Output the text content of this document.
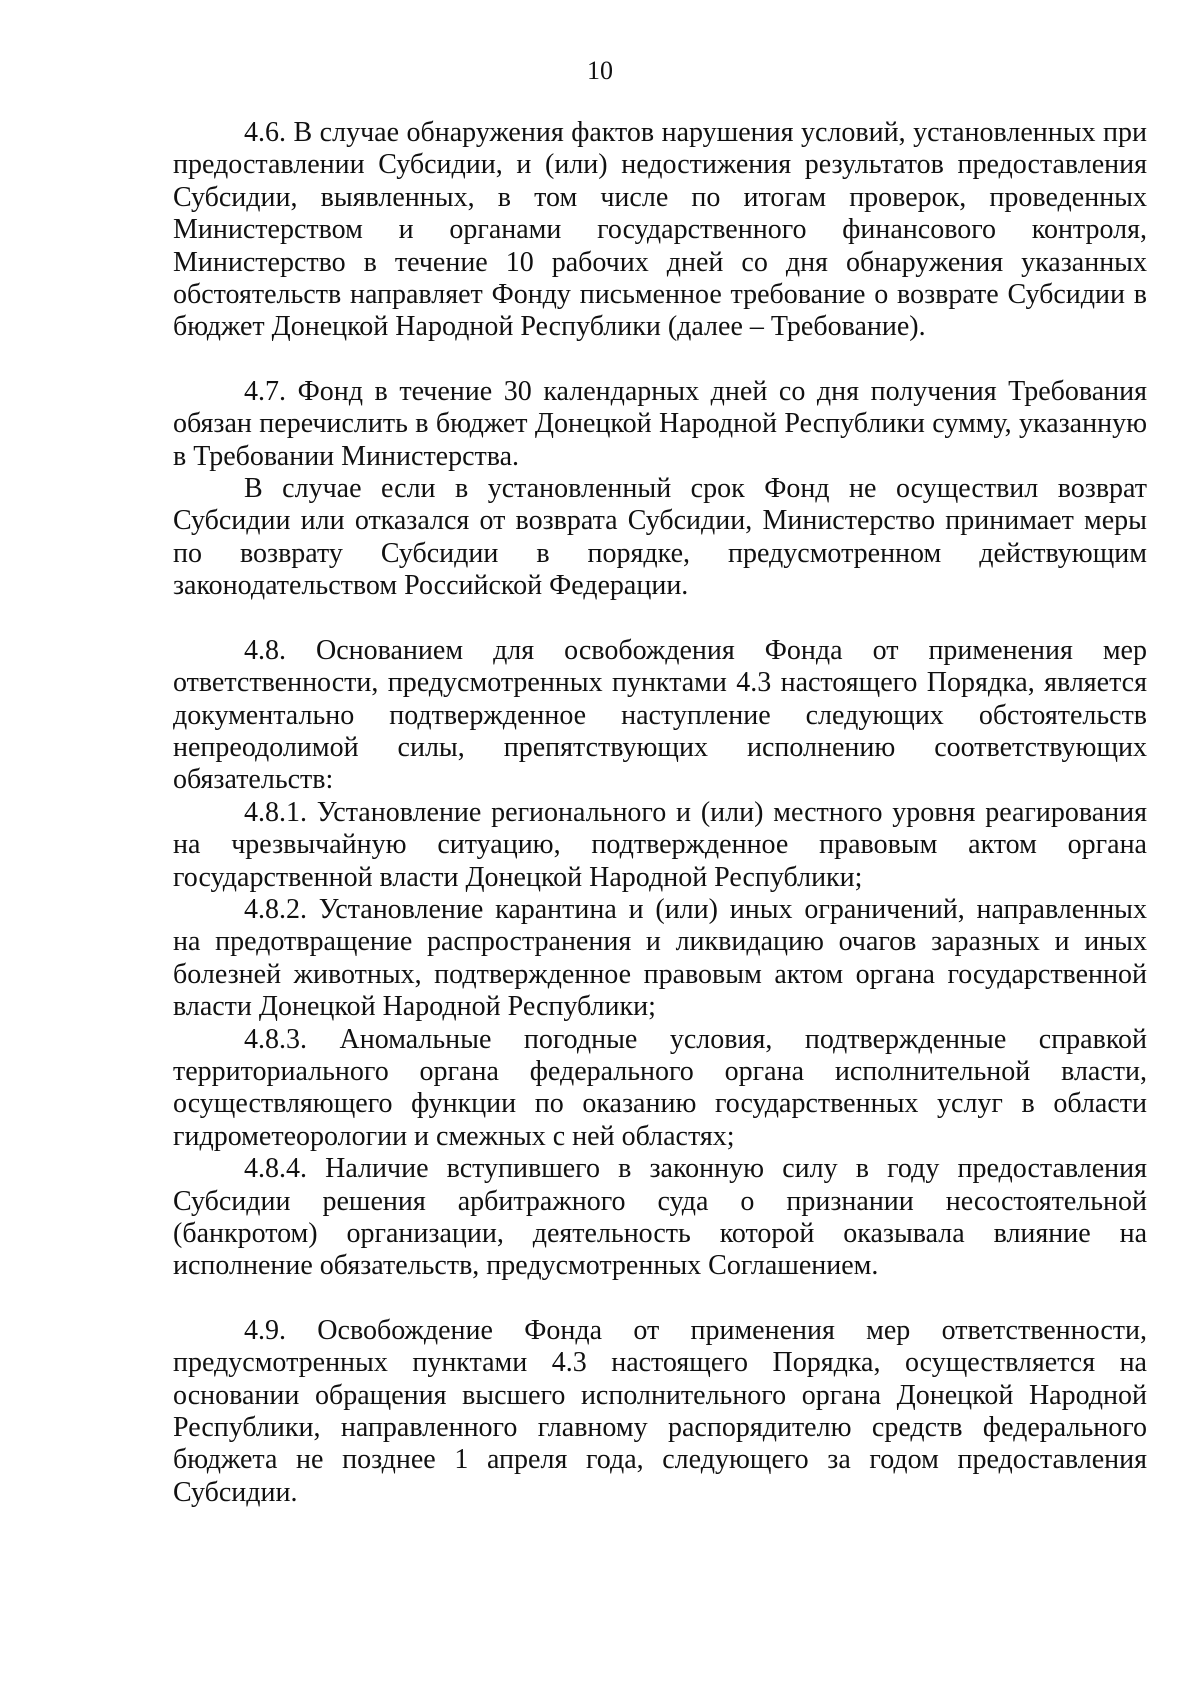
10

4.6. В случае обнаружения фактов нарушения условий, установленных при предоставлении Субсидии, и (или) недостижения результатов предоставления Субсидии, выявленных, в том числе по итогам проверок, проведенных Министерством и органами государственного финансового контроля, Министерство в течение 10 рабочих дней со дня обнаружения указанных обстоятельств направляет Фонду письменное требование о возврате Субсидии в бюджет Донецкой Народной Республики (далее – Требование).

4.7. Фонд в течение 30 календарных дней со дня получения Требования обязан перечислить в бюджет Донецкой Народной Республики сумму, указанную в Требовании Министерства.

В случае если в установленный срок Фонд не осуществил возврат Субсидии или отказался от возврата Субсидии, Министерство принимает меры по возврату Субсидии в порядке, предусмотренном действующим законодательством Российской Федерации.

4.8. Основанием для освобождения Фонда от применения мер ответственности, предусмотренных пунктами 4.3 настоящего Порядка, является документально подтвержденное наступление следующих обстоятельств непреодолимой силы, препятствующих исполнению соответствующих обязательств:

4.8.1. Установление регионального и (или) местного уровня реагирования на чрезвычайную ситуацию, подтвержденное правовым актом органа государственной власти Донецкой Народной Республики;

4.8.2. Установление карантина и (или) иных ограничений, направленных на предотвращение распространения и ликвидацию очагов заразных и иных болезней животных, подтвержденное правовым актом органа государственной власти Донецкой Народной Республики;

4.8.3. Аномальные погодные условия, подтвержденные справкой территориального органа федерального органа исполнительной власти, осуществляющего функции по оказанию государственных услуг в области гидрометеорологии и смежных с ней областях;

4.8.4. Наличие вступившего в законную силу в году предоставления Субсидии решения арбитражного суда о признании несостоятельной (банкротом) организации, деятельность которой оказывала влияние на исполнение обязательств, предусмотренных Соглашением.

4.9. Освобождение Фонда от применения мер ответственности, предусмотренных пунктами 4.3 настоящего Порядка, осуществляется на основании обращения высшего исполнительного органа Донецкой Народной Республики, направленного главному распорядителю средств федерального бюджета не позднее 1 апреля года, следующего за годом предоставления Субсидии.
